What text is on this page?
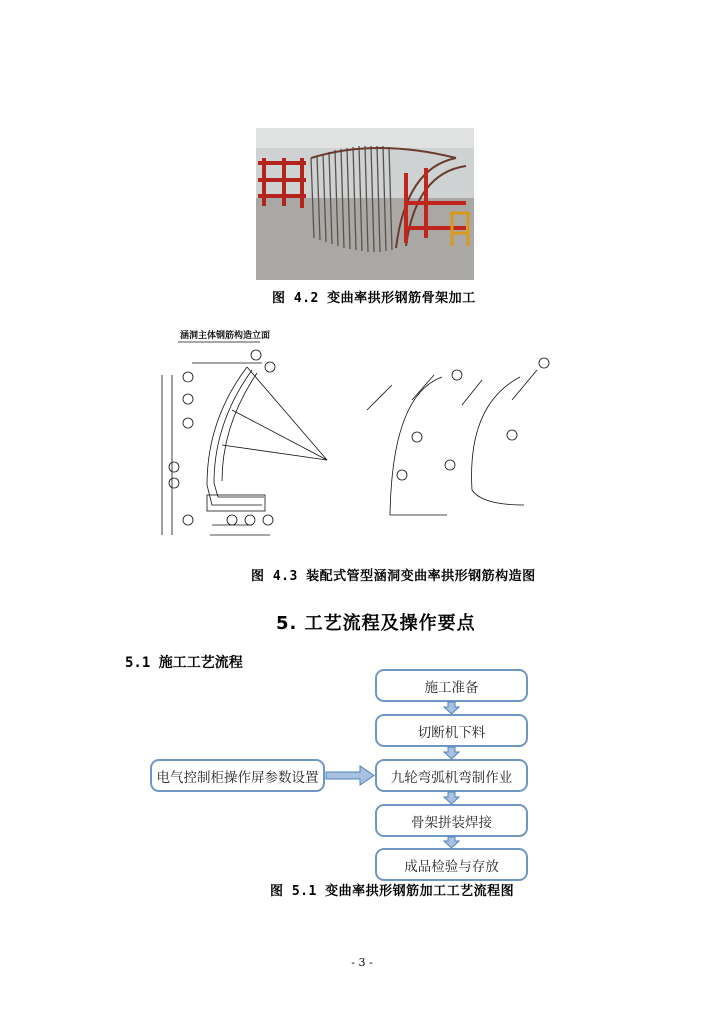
图 4.2 变曲率拱形钢筋骨架加工
涵洞主体钢筋构造立面
图 4.3 装配式管型涵洞变曲率拱形钢筋构造图
5. 工艺流程及操作要点
5.1 施工工艺流程
施工准备
切断机下料
九轮弯弧机弯制作业
骨架拼装焊接
成品检验与存放
电气控制柜操作屏参数设置
图 5.1 变曲率拱形钢筋加工工艺流程图
- 3 -
